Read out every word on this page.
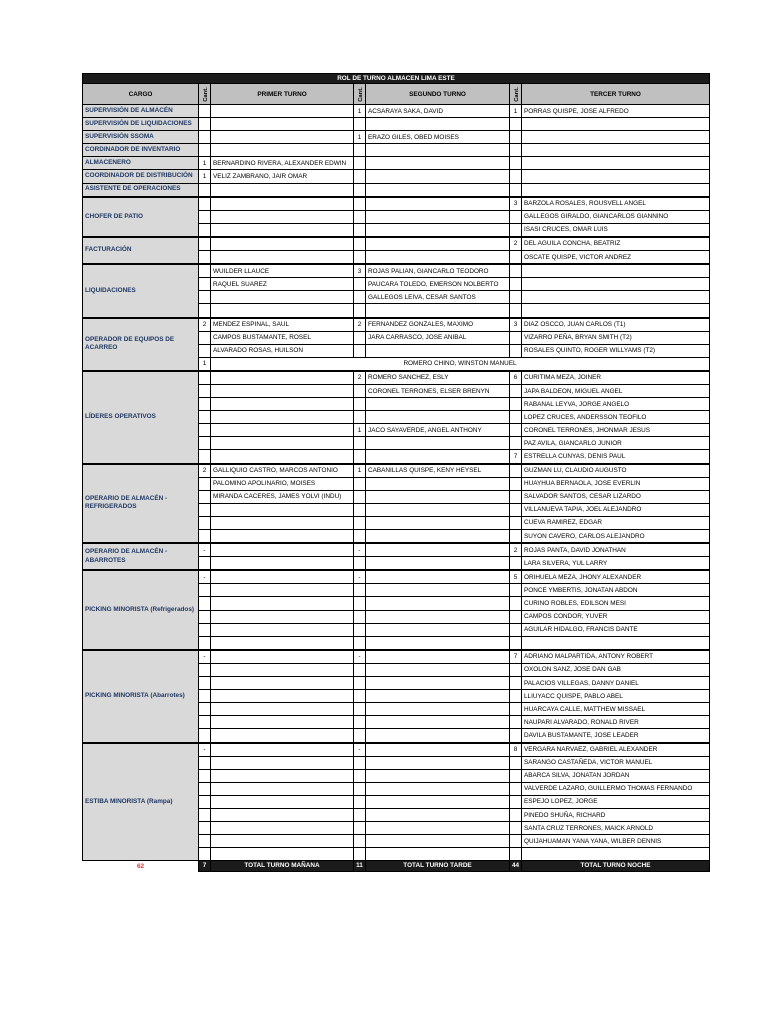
ROL DE TURNO ALMACEN LIMA ESTE						
CARGO	Cant.	PRIMER TURNO	Cant.	SEGUNDO TURNO	Cant.	TERCER TURNO
SUPERVISIÓN DE ALMACÉN			1	ACSARAYA SAKA, DAVID	1	PORRAS QUISPE, JOSE ALFREDO
SUPERVISIÓN DE LIQUIDACIONES						
SUPERVISIÓN SSOMA			1	ERAZO GILES, OBED MOISES		
CORDINADOR DE INVENTARIO						
ALMACENERO	1	BERNARDINO RIVERA, ALEXANDER EDWIN				
COORDINADOR DE DISTRIBUCIÓN	1	VELIZ ZAMBRANO, JAIR OMAR				
ASISTENTE DE OPERACIONES						
CHOFER DE PATIO					3	BARZOLA ROSALES, ROUSVELL ANGEL
						GALLEGOS GIRALDO, GIANCARLOS GIANNINO
						ISASI CRUCES, OMAR LUIS
FACTURACIÓN					2	DEL AGUILA CONCHA, BEATRIZ
						OSCATE QUISPE, VICTOR ANDREZ
LIQUIDACIONES		WUILDER LLAUCE	3	ROJAS PALIAN, GIANCARLO TEODORO		
		RAQUEL SUAREZ		PAUCARA TOLEDO, EMERSON NOLBERTO		
				GALLEGOS LEIVA, CESAR SANTOS		

OPERADOR DE EQUIPOS DE ACARREO	2	MENDEZ ESPINAL, SAUL	2	FERNANDEZ GONZALES, MAXIMO	3	DIAZ OSCCO, JUAN CARLOS (T1)
		CAMPOS BUSTAMANTE, ROSEL		JARA CARRASCO, JOSE ANIBAL		VIZARRO PEÑA, BRYAN SMITH (T2)
		ALVARADO ROSAS, HUILSON				ROSALES QUINTO, ROGER WILLYAMS (T2)
	1	ROMERO CHINO, WINSTON MANUEL				
LÍDERES OPERATIVOS			2	ROMERO SANCHEZ, ESLY	6	CURITIMA MEZA, JOINER
				CORONEL TERRONES, ELSER BRENYN		JAPA BALDEON, MIGUEL ANGEL
						RABANAL LEYVA, JORGE ANGELO
						LOPEZ CRUCES, ANDERSSON TEOFILO
			1	JACO SAYAVERDE, ANGEL ANTHONY		CORONEL TERRONES, JHONMAR JESUS
						PAZ AVILA, GIANCARLO JUNIOR
					7	ESTRELLA CUNYAS, DENIS PAUL
OPERARIO DE ALMACÉN - REFRIGERADOS	2	GALLIQUIO CASTRO, MARCOS ANTONIO	1	CABANILLAS QUISPE, KENY HEYSEL		GUZMAN LU, CLAUDIO AUGUSTO
		PALOMINO APOLINARIO, MOISES				HUAYHUA BERNAOLA, JOSE EVERLIN
		MIRANDA CACERES, JAMES YOLVI (INDU)				SALVADOR SANTOS, CESAR LIZARDO
						VILLANUEVA TAPIA, JOEL ALEJANDRO
						CUEVA RAMIREZ, EDGAR
						SUYON CAVERO, CARLOS ALEJANDRO
OPERARIO DE ALMACÉN - ABARROTES	-		-		2	ROJAS PANTA, DAVID JONATHAN
						LARA SILVERA, YUL LARRY
PICKING MINORISTA (Refrigerados)	-		-		5	ORIHUELA MEZA, JHONY ALEXANDER
						PONCE YMBERTIS, JONATAN ABDON
						CURINO ROBLES, EDILSON MESI
						CAMPOS CONDOR, YUVER
						AGUILAR HIDALGO, FRANCIS DANTE

PICKING MINORISTA (Abarrotes)	-		-		7	ADRIANO MALPARTIDA, ANTONY ROBERT
						OXOLON SANZ, JOSE DAN GAB
						PALACIOS VILLEGAS, DANNY DANIEL
						LLIUYACC QUISPE, PABLO ABEL
						HUARCAYA CALLE, MATTHEW MISSAEL
						NAUPARI ALVARADO, RONALD RIVER
						DAVILA BUSTAMANTE, JOSE LEADER
ESTIBA MINORISTA (Rampa)	-		-		8	VERGARA NARVAEZ, GABRIEL ALEXANDER
						SARANGO CASTAÑEDA, VICTOR MANUEL
						ABARCA SILVA, JONATAN JORDAN
						VALVERDE LAZARO, GUILLERMO THOMAS FERNANDO
						ESPEJO LOPEZ, JORGE
						PINEDO SHUÑA, RICHARD
						SANTA CRUZ TERRONES, MAICK ARNOLD
						QUIJAHUAMAN YANA YANA, WILBER DENNIS

62	7	TOTAL TURNO MAÑANA	11	TOTAL TURNO TARDE	44	TOTAL TURNO NOCHE
